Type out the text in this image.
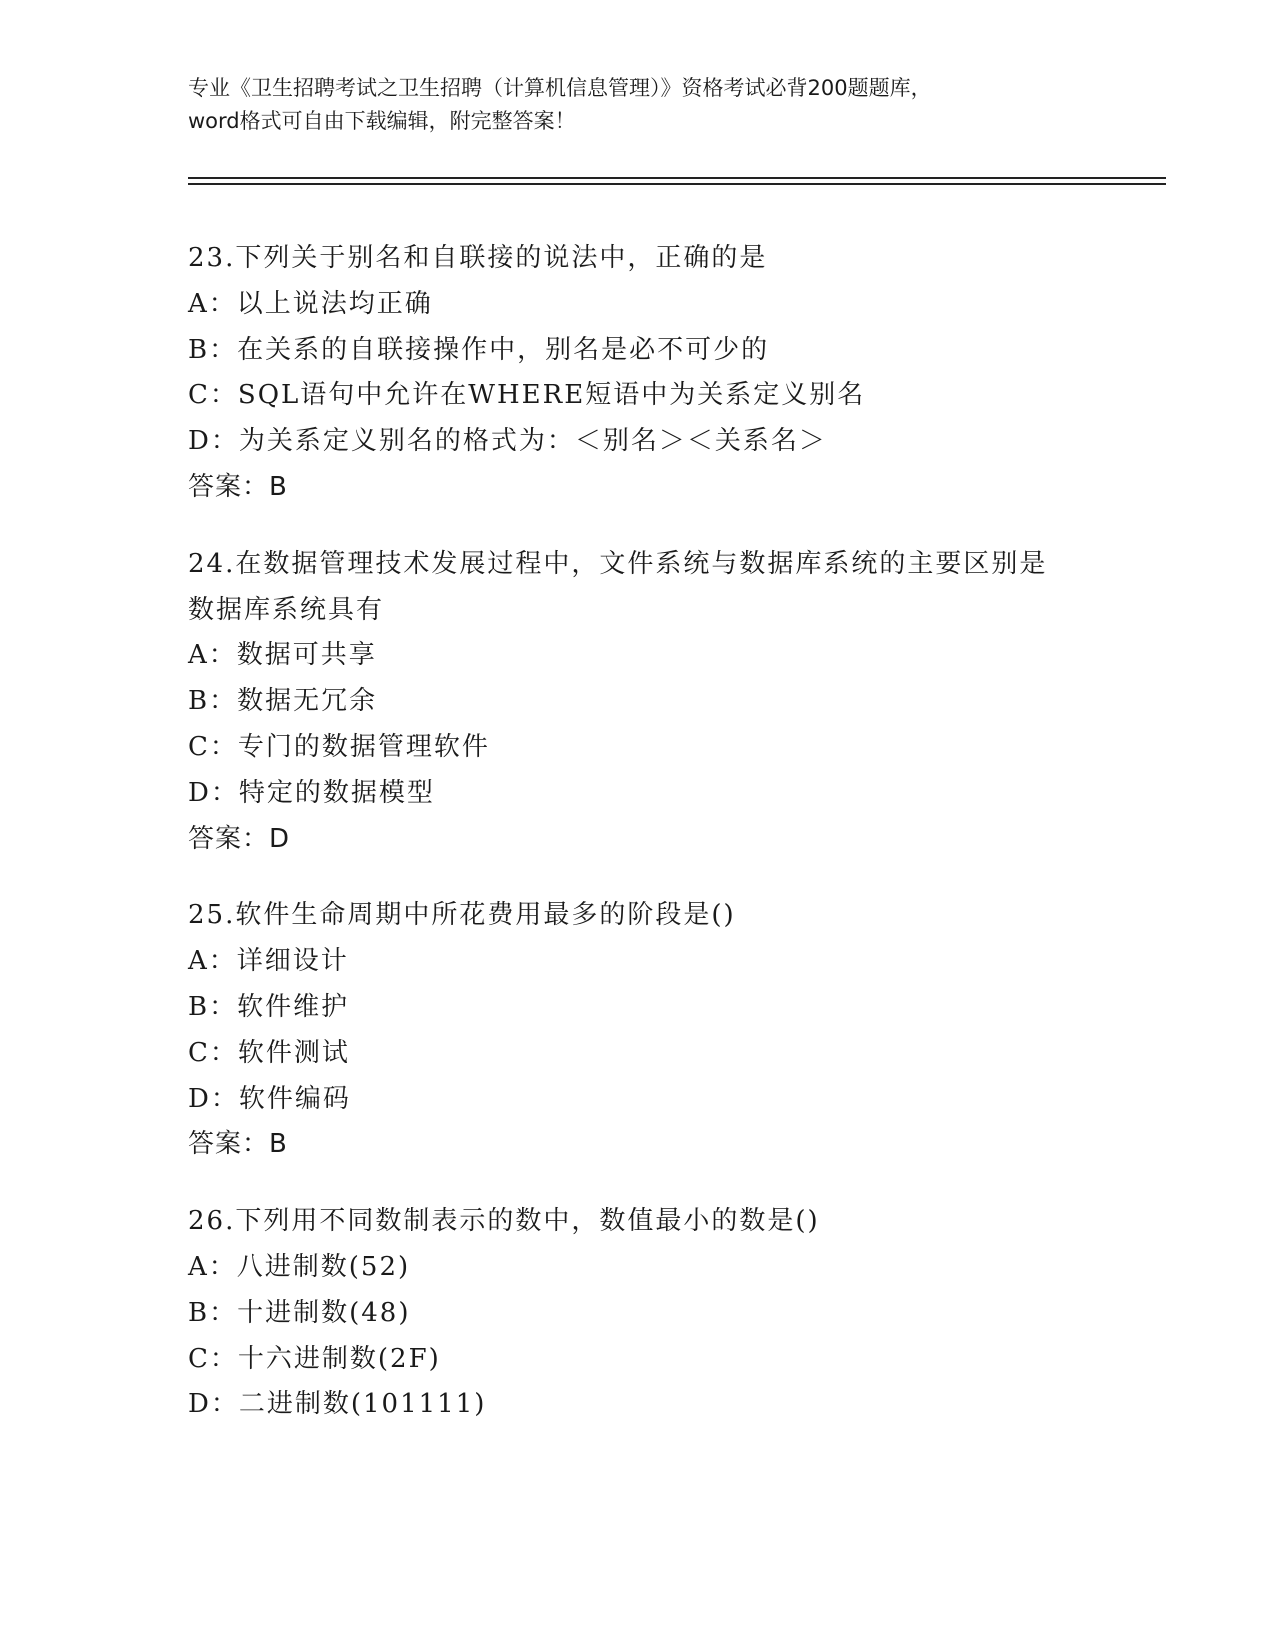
专业《卫生招聘考试之卫生招聘（计算机信息管理）》资格考试必背200题题库，
word格式可自由下载编辑，附完整答案！
23.下列关于别名和自联接的说法中，正确的是
A：以上说法均正确
B：在关系的自联接操作中，别名是必不可少的
C：SQL语句中允许在WHERE短语中为关系定义别名
D：为关系定义别名的格式为：＜别名＞＜关系名＞
答案：B
24.在数据管理技术发展过程中，文件系统与数据库系统的主要区别是
数据库系统具有
A：数据可共享
B：数据无冗余
C：专门的数据管理软件
D：特定的数据模型
答案：D
25.软件生命周期中所花费用最多的阶段是()
A：详细设计
B：软件维护
C：软件测试
D：软件编码
答案：B
26.下列用不同数制表示的数中，数值最小的数是()
A：八进制数(52)
B：十进制数(48)
C：十六进制数(2F)
D：二进制数(101111)
